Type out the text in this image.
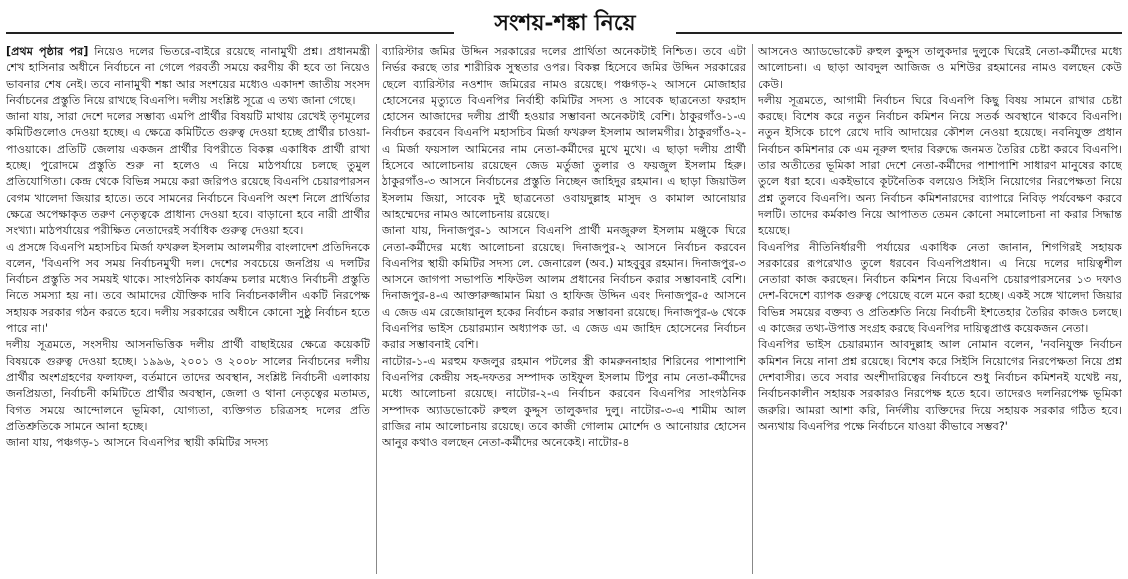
সংশয়-শঙ্কা নিয়ে

[প্রথম পৃষ্ঠার পর] নিয়েও দলের ভিতরে-বাইরে রয়েছে নানামুখী প্রশ্ন। প্রধানমন্ত্রী শেখ হাসিনার অধীনে নির্বাচনে না গেলে পরবর্তী সময়ে করণীয় কী হবে তা নিয়েও ভাবনার শেষ নেই। তবে নানামুখী শঙ্কা আর সংশয়ের মধ্যেও একাদশ জাতীয় সংসদ নির্বাচনের প্রস্তুতি নিয়ে রাখছে বিএনপি। দলীয় সংশ্লিষ্ট সূত্রে এ তথ্য জানা গেছে।

জানা যায়, সারা দেশে দলের সম্ভাব্য এমপি প্রার্থীর বিষয়টি মাথায় রেখেই তৃণমূলের কমিটিগুলোও দেওয়া হচ্ছে। এ ক্ষেত্রে কমিটিতে গুরুত্ব দেওয়া হচ্ছে প্রার্থীর চাওয়া-পাওয়াকে। প্রতিটি জেলায় একজন প্রার্থীর বিপরীতে বিকল্প একাধিক প্রার্থী রাখা হচ্ছে। পুরোদমে প্রস্তুতি শুরু না হলেও এ নিয়ে মাঠপর্যায়ে চলছে তুমুল প্রতিযোগিতা। কেন্দ্র থেকে বিভিন্ন সময়ে করা জরিপও রয়েছে বিএনপি চেয়ারপারসন বেগম খালেদা জিয়ার হাতে। তবে সামনের নির্বাচনে বিএনপি অংশ নিলে প্রার্থিতার ক্ষেত্রে অপেক্ষাকৃত তরুণ নেতৃত্বকে প্রাধান্য দেওয়া হবে। বাড়ানো হবে নারী প্রার্থীর সংখ্যা। মাঠপর্যায়ের পরীক্ষিত নেতাদেরই সর্বাধিক গুরুত্ব দেওয়া হবে।

এ প্রসঙ্গে বিএনপি মহাসচিব মির্জা ফখরুল ইসলাম আলমগীর বাংলাদেশ প্রতিদিনকে বলেন, 'বিএনপি সব সময় নির্বাচনমুখী দল। দেশের সবচেয়ে জনপ্রিয় এ দলটির নির্বাচন প্রস্তুতি সব সময়ই থাকে। সাংগঠনিক কার্যক্রম চলার মধ্যেও নির্বাচনী প্রস্তুতি নিতে সমস্যা হয় না। তবে আমাদের যৌক্তিক দাবি নির্বাচনকালীন একটি নিরপেক্ষ সহায়ক সরকার গঠন করতে হবে। দলীয় সরকারের অধীনে কোনো সুষ্ঠু নির্বাচন হতে পারে না।'

দলীয় সূত্রমতে, সংসদীয় আসনভিত্তিক দলীয় প্রার্থী বাছাইয়ের ক্ষেত্রে কয়েকটি বিষয়কে গুরুত্ব দেওয়া হচ্ছে। ১৯৯৬, ২০০১ ও ২০০৮ সালের নির্বাচনের দলীয় প্রার্থীর অংশগ্রহণের ফলাফল, বর্তমানে তাদের অবস্থান, সংশ্লিষ্ট নির্বাচনী এলাকায় জনপ্রিয়তা, নির্বাচনী কমিটিতে প্রার্থীর অবস্থান, জেলা ও থানা নেতৃত্বের মতামত, বিগত সময়ে আন্দোলনে ভূমিকা, যোগ্যতা, ব্যক্তিগত চরিত্রসহ দলের প্রতি প্রতিশ্রুতিকে সামনে আনা হচ্ছে।

জানা যায়, পঞ্চগড়-১ আসনে বিএনপির স্থায়ী কমিটির সদস্য

ব্যারিস্টার জমির উদ্দিন সরকারের দলের প্রার্থিতা অনেকটাই নিশ্চিত। তবে এটা নির্ভর করছে তার শারীরিক সুস্থতার ওপর। বিকল্প হিসেবে জমির উদ্দিন সরকারের ছেলে ব্যারিস্টার নওশাদ জমিরের নামও রয়েছে। পঞ্চগড়-২ আসনে মোজাহার হোসেনের মৃত্যুতে বিএনপির নির্বাহী কমিটির সদস্য ও সাবেক ছাত্রনেতা ফরহাদ হোসেন আজাদের দলীয় প্রার্থী হওয়ার সম্ভাবনা অনেকটাই বেশি। ঠাকুরগাঁও-১-এ নির্বাচন করবেন বিএনপি মহাসচিব মির্জা ফখরুল ইসলাম আলমগীর। ঠাকুরগাঁও-২-এ মির্জা ফয়সাল আমিনের নাম নেতা-কর্মীদের মুখে মুখে। এ ছাড়া দলীয় প্রার্থী হিসেবে আলোচনায় রয়েছেন জেড মর্তুজা তুলার ও ফয়জুল ইসলাম হিরু। ঠাকুরগাঁও-৩ আসনে নির্বাচনের প্রস্তুতি নিচ্ছেন জাহিদুর রহমান। এ ছাড়া জিয়াউল ইসলাম জিয়া, সাবেক দুই ছাত্রনেতা ওবায়দুল্লাহ মাসুদ ও কামাল আনোয়ার আহম্মেদের নামও আলোচনায় রয়েছে।

জানা যায়, দিনাজপুর-১ আসনে বিএনপি প্রার্থী মনজুরুল ইসলাম মঞ্জুকে ঘিরে নেতা-কর্মীদের মধ্যে আলোচনা রয়েছে। দিনাজপুর-২ আসনে নির্বাচন করবেন বিএনপির স্থায়ী কমিটির সদস্য লে. জেনারেল (অব.) মাহবুবুর রহমান। দিনাজপুর-৩ আসনে জাগপা সভাপতি শফিউল আলম প্রধানের নির্বাচন করার সম্ভাবনাই বেশি। দিনাজপুর-৪-এ আক্তারুজ্জামান মিয়া ও হাফিজ উদ্দিন এবং দিনাজপুর-৫ আসনে এ জেড এম রেজোয়ানুল হকের নির্বাচন করার সম্ভাবনা রয়েছে। দিনাজপুর-৬ থেকে বিএনপির ভাইস চেয়ারম্যান অধ্যাপক ডা. এ জেড এম জাহিদ হোসেনের নির্বাচন করার সম্ভাবনাই বেশি।

নাটোর-১-এ মরহুম ফজলুর রহমান পটলের স্ত্রী কামরুননাহার শিরিনের পাশাপাশি বিএনপির কেন্দ্রীয় সহ-দফতর সম্পাদক তাইফুল ইসলাম টিপুর নাম নেতা-কর্মীদের মধ্যে আলোচনা রয়েছে। নাটোর-২-এ নির্বাচন করবেন বিএনপির সাংগঠনিক সম্পাদক অ্যাডভোকেট রুহুল কুদ্দুস তালুকদার দুলু। নাটোর-৩-এ শামীম আল রাজির নাম আলোচনায় রয়েছে। তবে কাজী গোলাম মোর্শেদ ও আনোয়ার হোসেন আনুর কথাও বলছেন নেতা-কর্মীদের অনেকেই। নাটোর-৪

আসনেও অ্যাডভোকেট রুহুল কুদ্দুস তালুকদার দুলুকে ঘিরেই নেতা-কর্মীদের মধ্যে আলোচনা। এ ছাড়া আবদুল আজিজ ও মশিউর রহমানের নামও বলছেন কেউ কেউ।

দলীয় সূত্রমতে, আগামী নির্বাচন ঘিরে বিএনপি কিছু বিষয় সামনে রাখার চেষ্টা করছে। বিশেষ করে নতুন নির্বাচন কমিশন নিয়ে সতর্ক অবস্থানে থাকবে বিএনপি। নতুন ইসিকে চাপে রেখে দাবি আদায়ের কৌশল নেওয়া হয়েছে। নবনিযুক্ত প্রধান নির্বাচন কমিশনার কে এম নূরুল হুদার বিরুদ্ধে জনমত তৈরির চেষ্টা করবে বিএনপি। তার অতীতের ভূমিকা সারা দেশে নেতা-কর্মীদের পাশাপাশি সাধারণ মানুষের কাছে তুলে ধরা হবে। একইভাবে কূটনৈতিক বলয়েও সিইসি নিয়োগের নিরপেক্ষতা নিয়ে প্রশ্ন তুলবে বিএনপি। অন্য নির্বাচন কমিশনারদের ব্যাপারে নিবিড় পর্যবেক্ষণ করবে দলটি। তাদের কর্মকাণ্ড নিয়ে আপাতত তেমন কোনো সমালোচনা না করার সিদ্ধান্ত হয়েছে।

বিএনপির নীতিনির্ধারণী পর্যায়ের একাধিক নেতা জানান, শিগগিরই সহায়ক সরকারের রূপরেখাও তুলে ধরবেন বিএনপিপ্রধান। এ নিয়ে দলের দায়িত্বশীল নেতারা কাজ করছেন। নির্বাচন কমিশন নিয়ে বিএনপি চেয়ারপারসনের ১৩ দফাও দেশ-বিদেশে ব্যাপক গুরুত্ব পেয়েছে বলে মনে করা হচ্ছে। একই সঙ্গে খালেদা জিয়ার বিভিন্ন সময়ের বক্তব্য ও প্রতিশ্রুতি নিয়ে নির্বাচনী ইশতেহার তৈরির কাজও চলছে। এ কাজের তথ্য-উপাত্ত সংগ্রহ করছে বিএনপির দায়িত্বপ্রাপ্ত কয়েকজন নেতা।

বিএনপির ভাইস চেয়ারম্যান আবদুল্লাহ আল নোমান বলেন, 'নবনিযুক্ত নির্বাচন কমিশন নিয়ে নানা প্রশ্ন রয়েছে। বিশেষ করে সিইসি নিয়োগের নিরপেক্ষতা নিয়ে প্রশ্ন দেশবাসীর। তবে সবার অংশীদারিত্বের নির্বাচনে শুধু নির্বাচন কমিশনই যথেষ্ট নয়, নির্বাচনকালীন সহায়ক সরকারও নিরপেক্ষ হতে হবে। তাদেরও দলনিরপেক্ষ ভূমিকা জরুরি। আমরা আশা করি, নির্দলীয় ব্যক্তিদের দিয়ে সহায়ক সরকার গঠিত হবে। অন্যথায় বিএনপির পক্ষে নির্বাচনে যাওয়া কীভাবে সম্ভব?'
